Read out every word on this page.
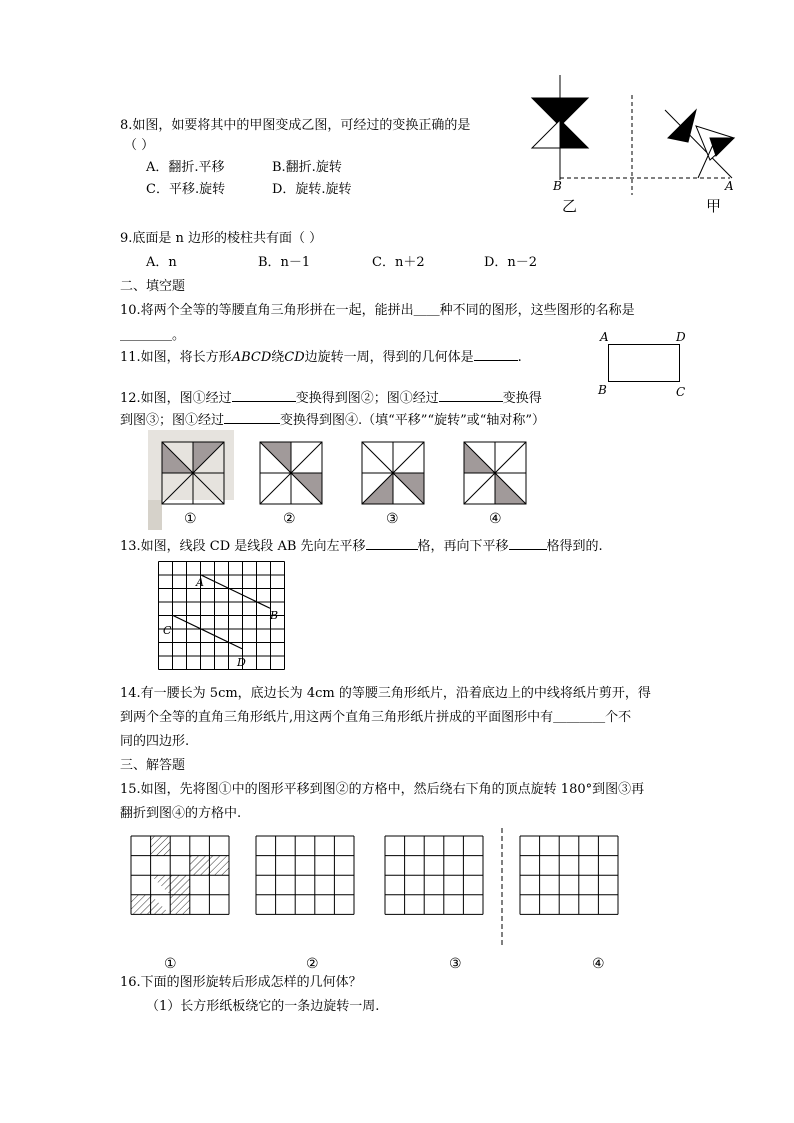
8.如图，如要将其中的甲图变成乙图，可经过的变换正确的是
（ ）
A．翻折.平移	B.翻折.旋转
C．平移.旋转	D．旋转.旋转	B	A
乙	甲
9.底面是 n 边形的棱柱共有面（ ）
A．n	B．n－1	C．n＋2	D．n－2
二、填空题
10.将两个全等的等腰直角三角形拼在一起，能拼出＿＿种不同的图形，这些图形的名称是
＿＿＿＿。
11.如图，将长方形ABCD绕CD边旋转一周，得到的几何体是	.
A	D
B	C
12.如图，图①经过	变换得到图②；图①经过	变换得
到图③；图①经过	变换得到图④.（填“平移”“旋转”或“轴对称”）
①	②	③	④
13.如图，线段 CD 是线段 AB 先向左平移	格，再向下平移	格得到的.
A
B
C
D
14.有一腰长为 5cm，底边长为 4cm 的等腰三角形纸片，沿着底边上的中线将纸片剪开，得
到两个全等的直角三角形纸片,用这两个直角三角形纸片拼成的平面图形中有＿＿＿＿个不
同的四边形.
三、解答题
15.如图，先将图①中的图形平移到图②的方格中，然后绕右下角的顶点旋转 180°到图③再
翻折到图④的方格中.
①	②	③	④
16.下面的图形旋转后形成怎样的几何体？
（1）长方形纸板绕它的一条边旋转一周.
